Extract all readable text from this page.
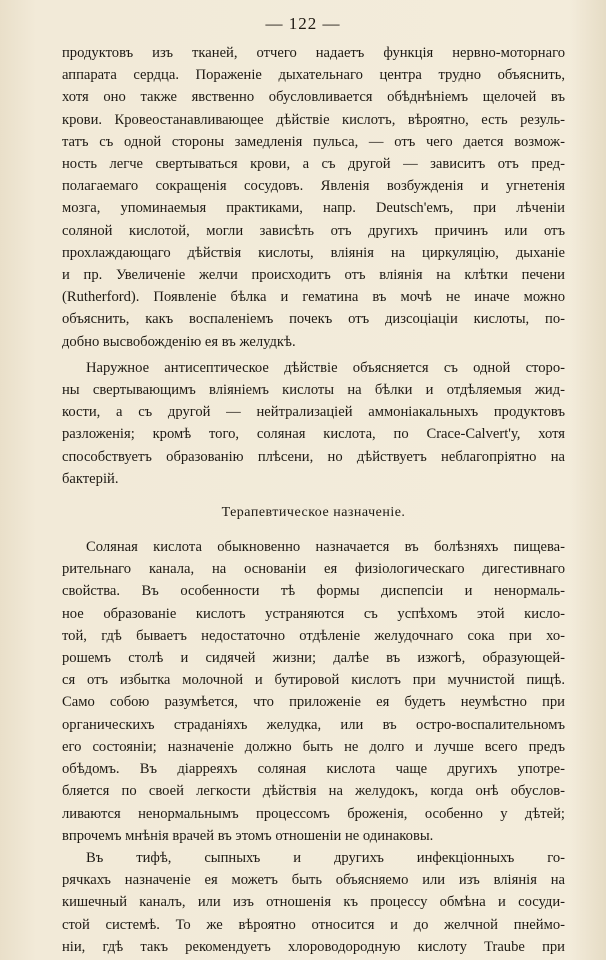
— 122 —

продуктовъ изъ тканей, отчего надаетъ функція нервно-моторнаго
аппарата сердца. Пораженіе дыхательнаго центра трудно объяснить,
хотя оно также явственно обусловливается обѣднѣніемъ щелочей въ
крови. Кровеостанавливающее дѣйствіе кислотъ, вѣроятно, есть резуль-
татъ съ одной стороны замедленія пульса, — отъ чего дается возмож-
ность легче свертываться крови, а съ другой — зависитъ отъ пред-
полагаемаго сокращенія сосудовъ. Явленія возбужденія и угнетенія
мозга, упоминаемыя практиками, напр. Deutsch'емъ, при лѣченіи
соляной кислотой, могли зависѣть отъ другихъ причинъ или отъ
прохлаждающаго дѣйствія кислоты, вліянія на циркуляцію, дыханіе
и пр. Увеличеніе желчи происходитъ отъ вліянія на клѣтки печени
(Rutherford). Появленіе бѣлка и гематина въ мочѣ не иначе можно
объяснить, какъ воспаленіемъ почекъ отъ дизсоціаціи кислоты, по-
добно высвобожденію ея въ желудкѣ.

Наружное антисептическое дѣйствіе объясняется съ одной сторо-
ны свертывающимъ вліяніемъ кислоты на бѣлки и отдѣляемыя жид-
кости, а съ другой — нейтрализаціей аммоніакальныхъ продуктовъ
разложенія; кромѣ того, соляная кислота, по Cracе-Calvert'у, хотя
способствуетъ образованію плѣсени, но дѣйствуетъ неблагопріятно на
бактерій.

Терапевтическое назначеніе.

Соляная кислота обыкновенно назначается въ болѣзняхъ пищева-
рительнаго канала, на основаніи ея физіологическаго дигестивнаго
свойства. Въ особенности тѣ формы диспепсіи и ненормаль-
ное образованіе кислотъ устраняются съ успѣхомъ этой кисло-
той, гдѣ бываетъ недостаточно отдѣленіе желудочнаго сока при хо-
рошемъ столѣ и сидячей жизни; далѣе въ изжогѣ, образующей-
ся отъ избытка молочной и бутировой кислотъ при мучнистой пищѣ.
Само собою разумѣется, что приложеніе ея будетъ неумѣстно при
органическихъ страданіяхъ желудка, или въ остро-воспалительномъ
его состояніи; назначеніе должно быть не долго и лучше всего предъ
обѣдомъ. Въ діарреяхъ соляная кислота чаще другихъ употре-
бляется по своей легкости дѣйствія на желудокъ, когда онѣ обуслов-
ливаются ненормальнымъ процессомъ броженія, особенно у дѣтей;
впрочемъ мнѣнія врачей въ этомъ отношеніи не одинаковы.

Въ тифѣ, сыпныхъ и другихъ инфекціонныхъ го-
рячкахъ назначеніе ея можетъ быть объясняемо или изъ вліянія на
кишечный каналъ, или изъ отношенія къ процессу обмѣна и сосуди-
стой системѣ. То же вѣроятно относится и до желчной пнеймо-
ніи, гдѣ такъ рекомендуетъ хлороводородную кислоту Traube при
